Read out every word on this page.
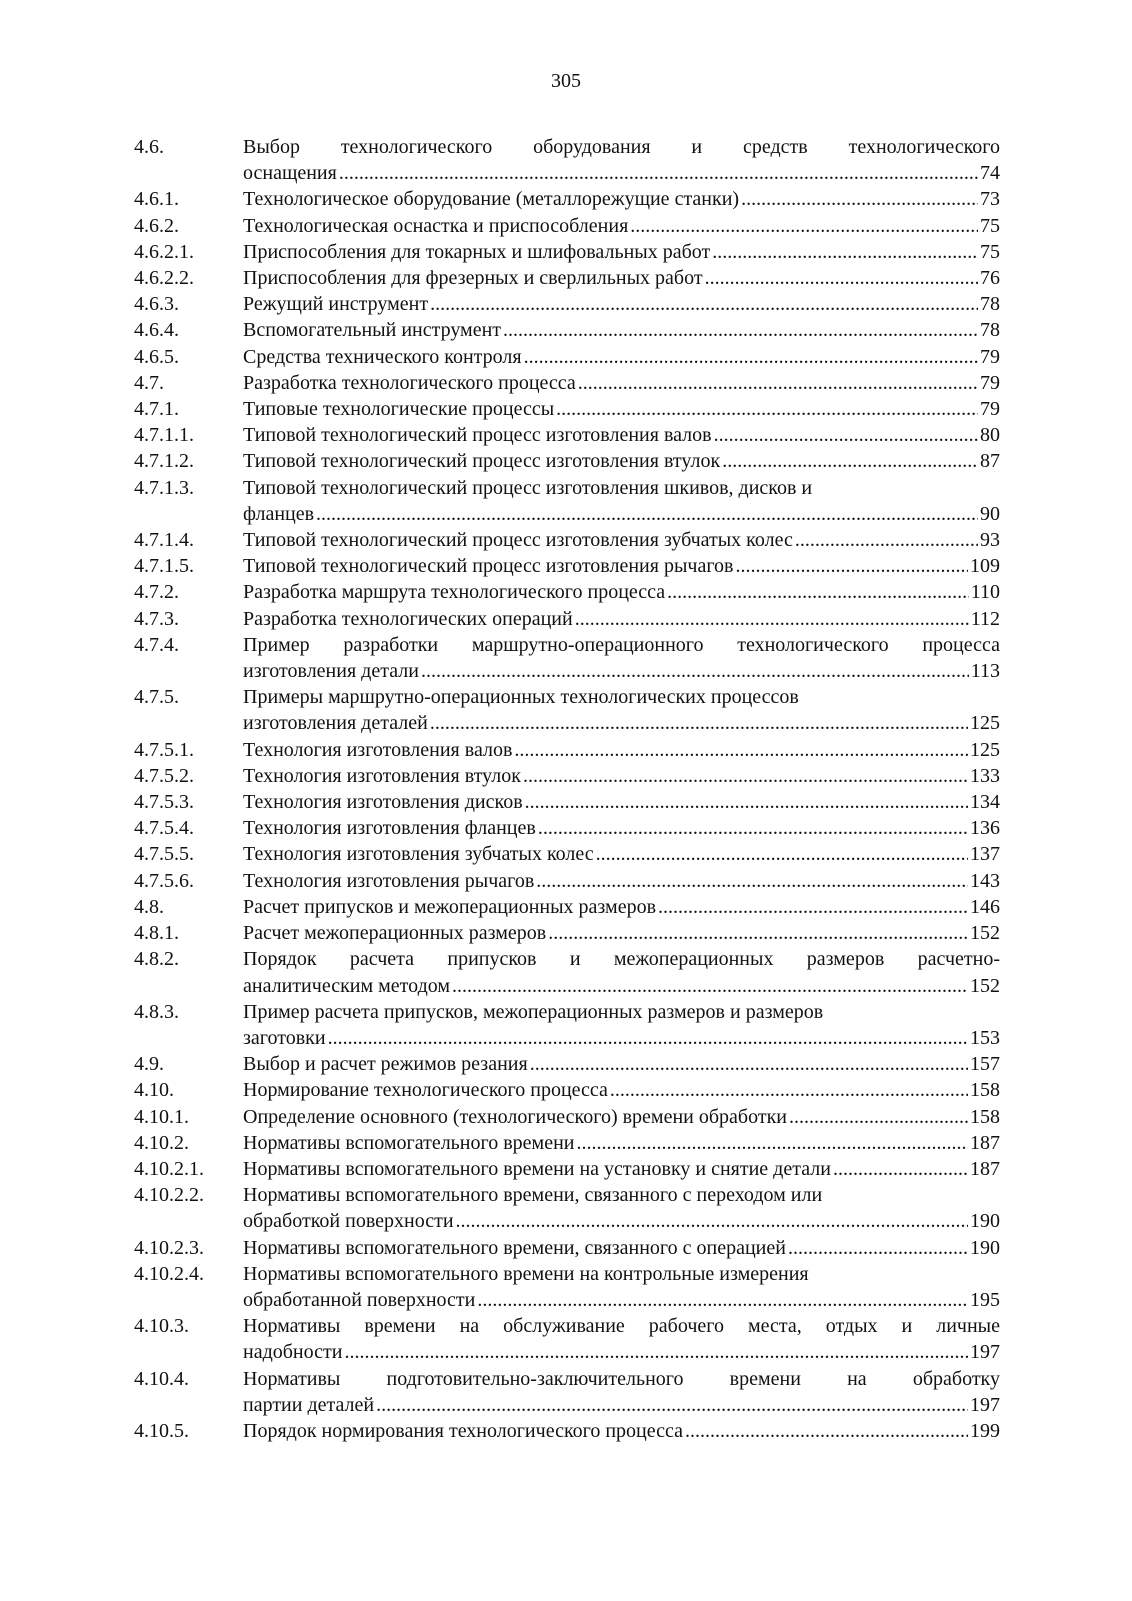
305
4.6.	Выбор технологического оборудования и средств технологического
оснащения .....	74
4.6.1.	Технологическое оборудование (металлорежущие станки) .....	73
4.6.2.	Технологическая оснастка и приспособления .....	75
4.6.2.1.	Приспособления для токарных и шлифовальных работ .....	75
4.6.2.2.	Приспособления для фрезерных и сверлильных работ .....	76
4.6.3.	Режущий инструмент .....	78
4.6.4.	Вспомогательный инструмент .....	78
4.6.5.	Средства технического контроля .....	79
4.7.	Разработка технологического процесса .....	79
4.7.1.	Типовые технологические процессы .....	79
4.7.1.1.	Типовой технологический процесс изготовления валов .....	80
4.7.1.2.	Типовой технологический процесс изготовления втулок .....	87
4.7.1.3.	Типовой технологический процесс изготовления шкивов, дисков и
фланцев .....	90
4.7.1.4.	Типовой технологический процесс изготовления зубчатых колес .....	93
4.7.1.5.	Типовой технологический процесс изготовления рычагов .....	109
4.7.2.	Разработка маршрута технологического процесса .....	110
4.7.3.	Разработка технологических операций .....	112
4.7.4.	Пример разработки маршрутно-операционного технологического процесса
изготовления детали .....	113
4.7.5.	Примеры маршрутно-операционных технологических процессов
изготовления деталей .....	125
4.7.5.1.	Технология изготовления валов .....	125
4.7.5.2.	Технология изготовления втулок .....	133
4.7.5.3.	Технология изготовления дисков .....	134
4.7.5.4.	Технология изготовления фланцев .....	136
4.7.5.5.	Технология изготовления зубчатых колес .....	137
4.7.5.6.	Технология изготовления рычагов .....	143
4.8.	Расчет припусков и межоперационных размеров .....	146
4.8.1.	Расчет межоперационных размеров .....	152
4.8.2.	Порядок расчета припусков и межоперационных размеров расчетно-
аналитическим методом .....	152
4.8.3.	Пример расчета припусков, межоперационных размеров и размеров
заготовки .....	153
4.9.	Выбор и расчет режимов резания .....	157
4.10.	Нормирование технологического процесса .....	158
4.10.1.	Определение основного (технологического) времени обработки .....	158
4.10.2.	Нормативы вспомогательного времени .....	187
4.10.2.1.	Нормативы вспомогательного времени на установку и снятие детали .....	187
4.10.2.2.	Нормативы вспомогательного времени, связанного с переходом или
обработкой поверхности .....	190
4.10.2.3.	Нормативы вспомогательного времени, связанного с операцией .....	190
4.10.2.4.	Нормативы вспомогательного времени на контрольные измерения
обработанной поверхности .....	195
4.10.3.	Нормативы времени на обслуживание рабочего места, отдых и личные
надобности .....	197
4.10.4.	Нормативы подготовительно-заключительного времени на обработку
партии деталей .....	197
4.10.5.	Порядок нормирования технологического процесса .....	199
